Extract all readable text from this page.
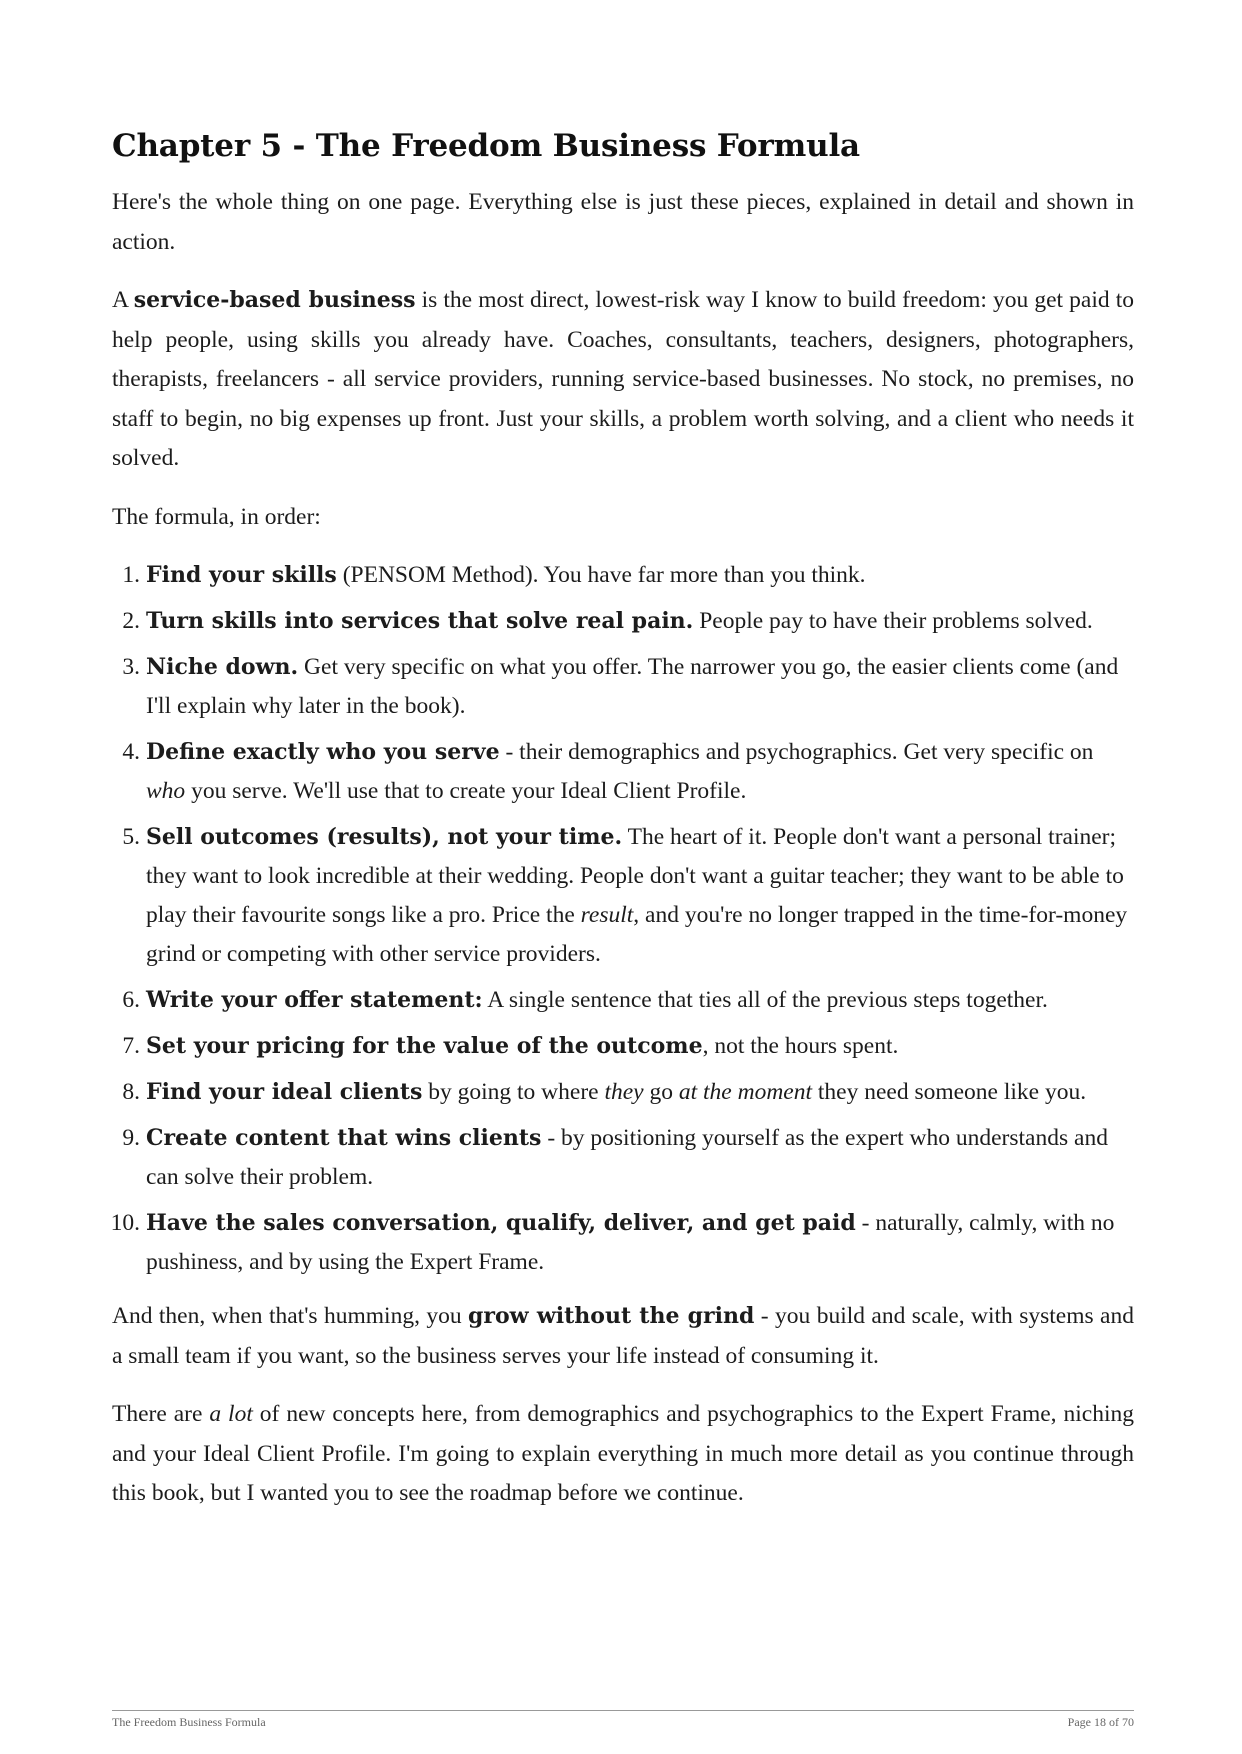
Chapter 5 - The Freedom Business Formula

Here's the whole thing on one page. Everything else is just these pieces, explained in detail and shown in action.

A service-based business is the most direct, lowest-risk way I know to build freedom: you get paid to help people, using skills you already have. Coaches, consultants, teachers, designers, photographers, therapists, freelancers - all service providers, running service-based businesses. No stock, no premises, no staff to begin, no big expenses up front. Just your skills, a problem worth solving, and a client who needs it solved.

The formula, in order:

1. Find your skills (PENSOM Method). You have far more than you think.
2. Turn skills into services that solve real pain. People pay to have their problems solved.
3. Niche down. Get very specific on what you offer. The narrower you go, the easier clients come (and I'll explain why later in the book).
4. Define exactly who you serve - their demographics and psychographics. Get very specific on who you serve. We'll use that to create your Ideal Client Profile.
5. Sell outcomes (results), not your time. The heart of it. People don't want a personal trainer; they want to look incredible at their wedding. People don't want a guitar teacher; they want to be able to play their favourite songs like a pro. Price the result, and you're no longer trapped in the time-for-money grind or competing with other service providers.
6. Write your offer statement: A single sentence that ties all of the previous steps together.
7. Set your pricing for the value of the outcome, not the hours spent.
8. Find your ideal clients by going to where they go at the moment they need someone like you.
9. Create content that wins clients - by positioning yourself as the expert who understands and can solve their problem.
10. Have the sales conversation, qualify, deliver, and get paid - naturally, calmly, with no pushiness, and by using the Expert Frame.

And then, when that's humming, you grow without the grind - you build and scale, with systems and a small team if you want, so the business serves your life instead of consuming it.

There are a lot of new concepts here, from demographics and psychographics to the Expert Frame, niching and your Ideal Client Profile. I'm going to explain everything in much more detail as you continue through this book, but I wanted you to see the roadmap before we continue.

The Freedom Business Formula	Page 18 of 70
